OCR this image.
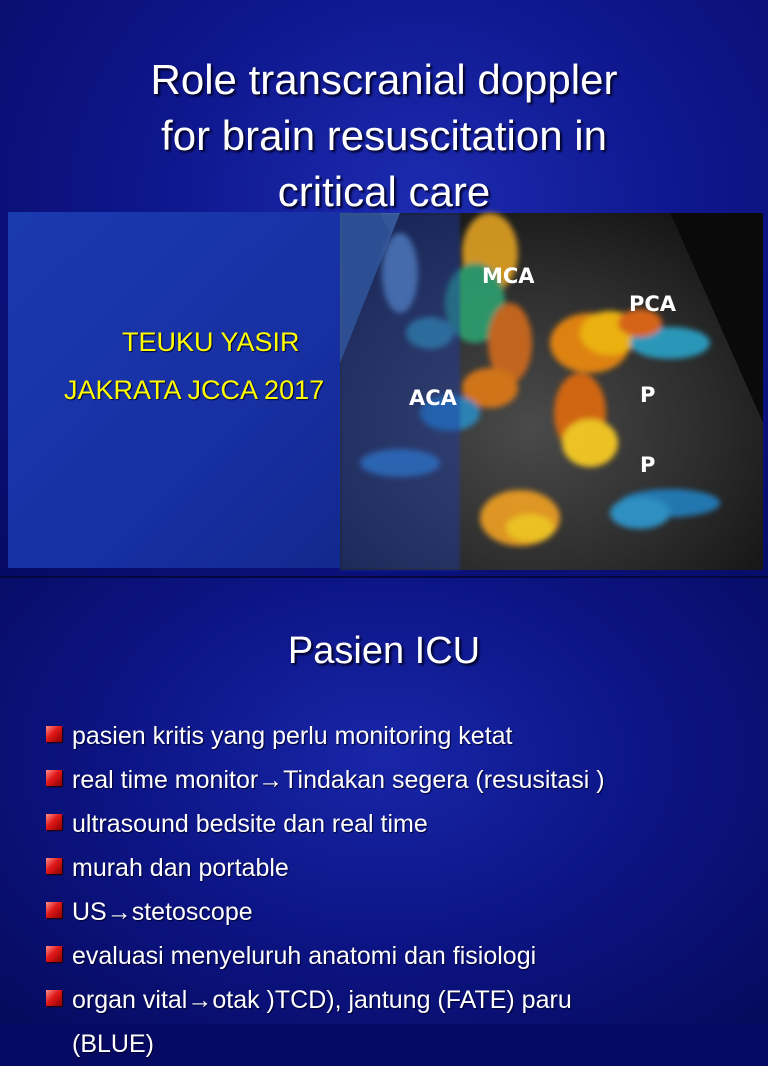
Role transcranial doppler
for brain resuscitation in
critical care
TEUKU YASIR
JAKRATA JCCA 2017
MCA
PCA
ACA	P
P
Pasien ICU
pasien kritis yang perlu monitoring ketat
real time monitor→Tindakan segera (resusitasi )
ultrasound bedsite dan real time
murah dan portable
US→stetoscope
evaluasi menyeluruh anatomi dan fisiologi
organ vital→otak )TCD), jantung (FATE) paru
(BLUE)
